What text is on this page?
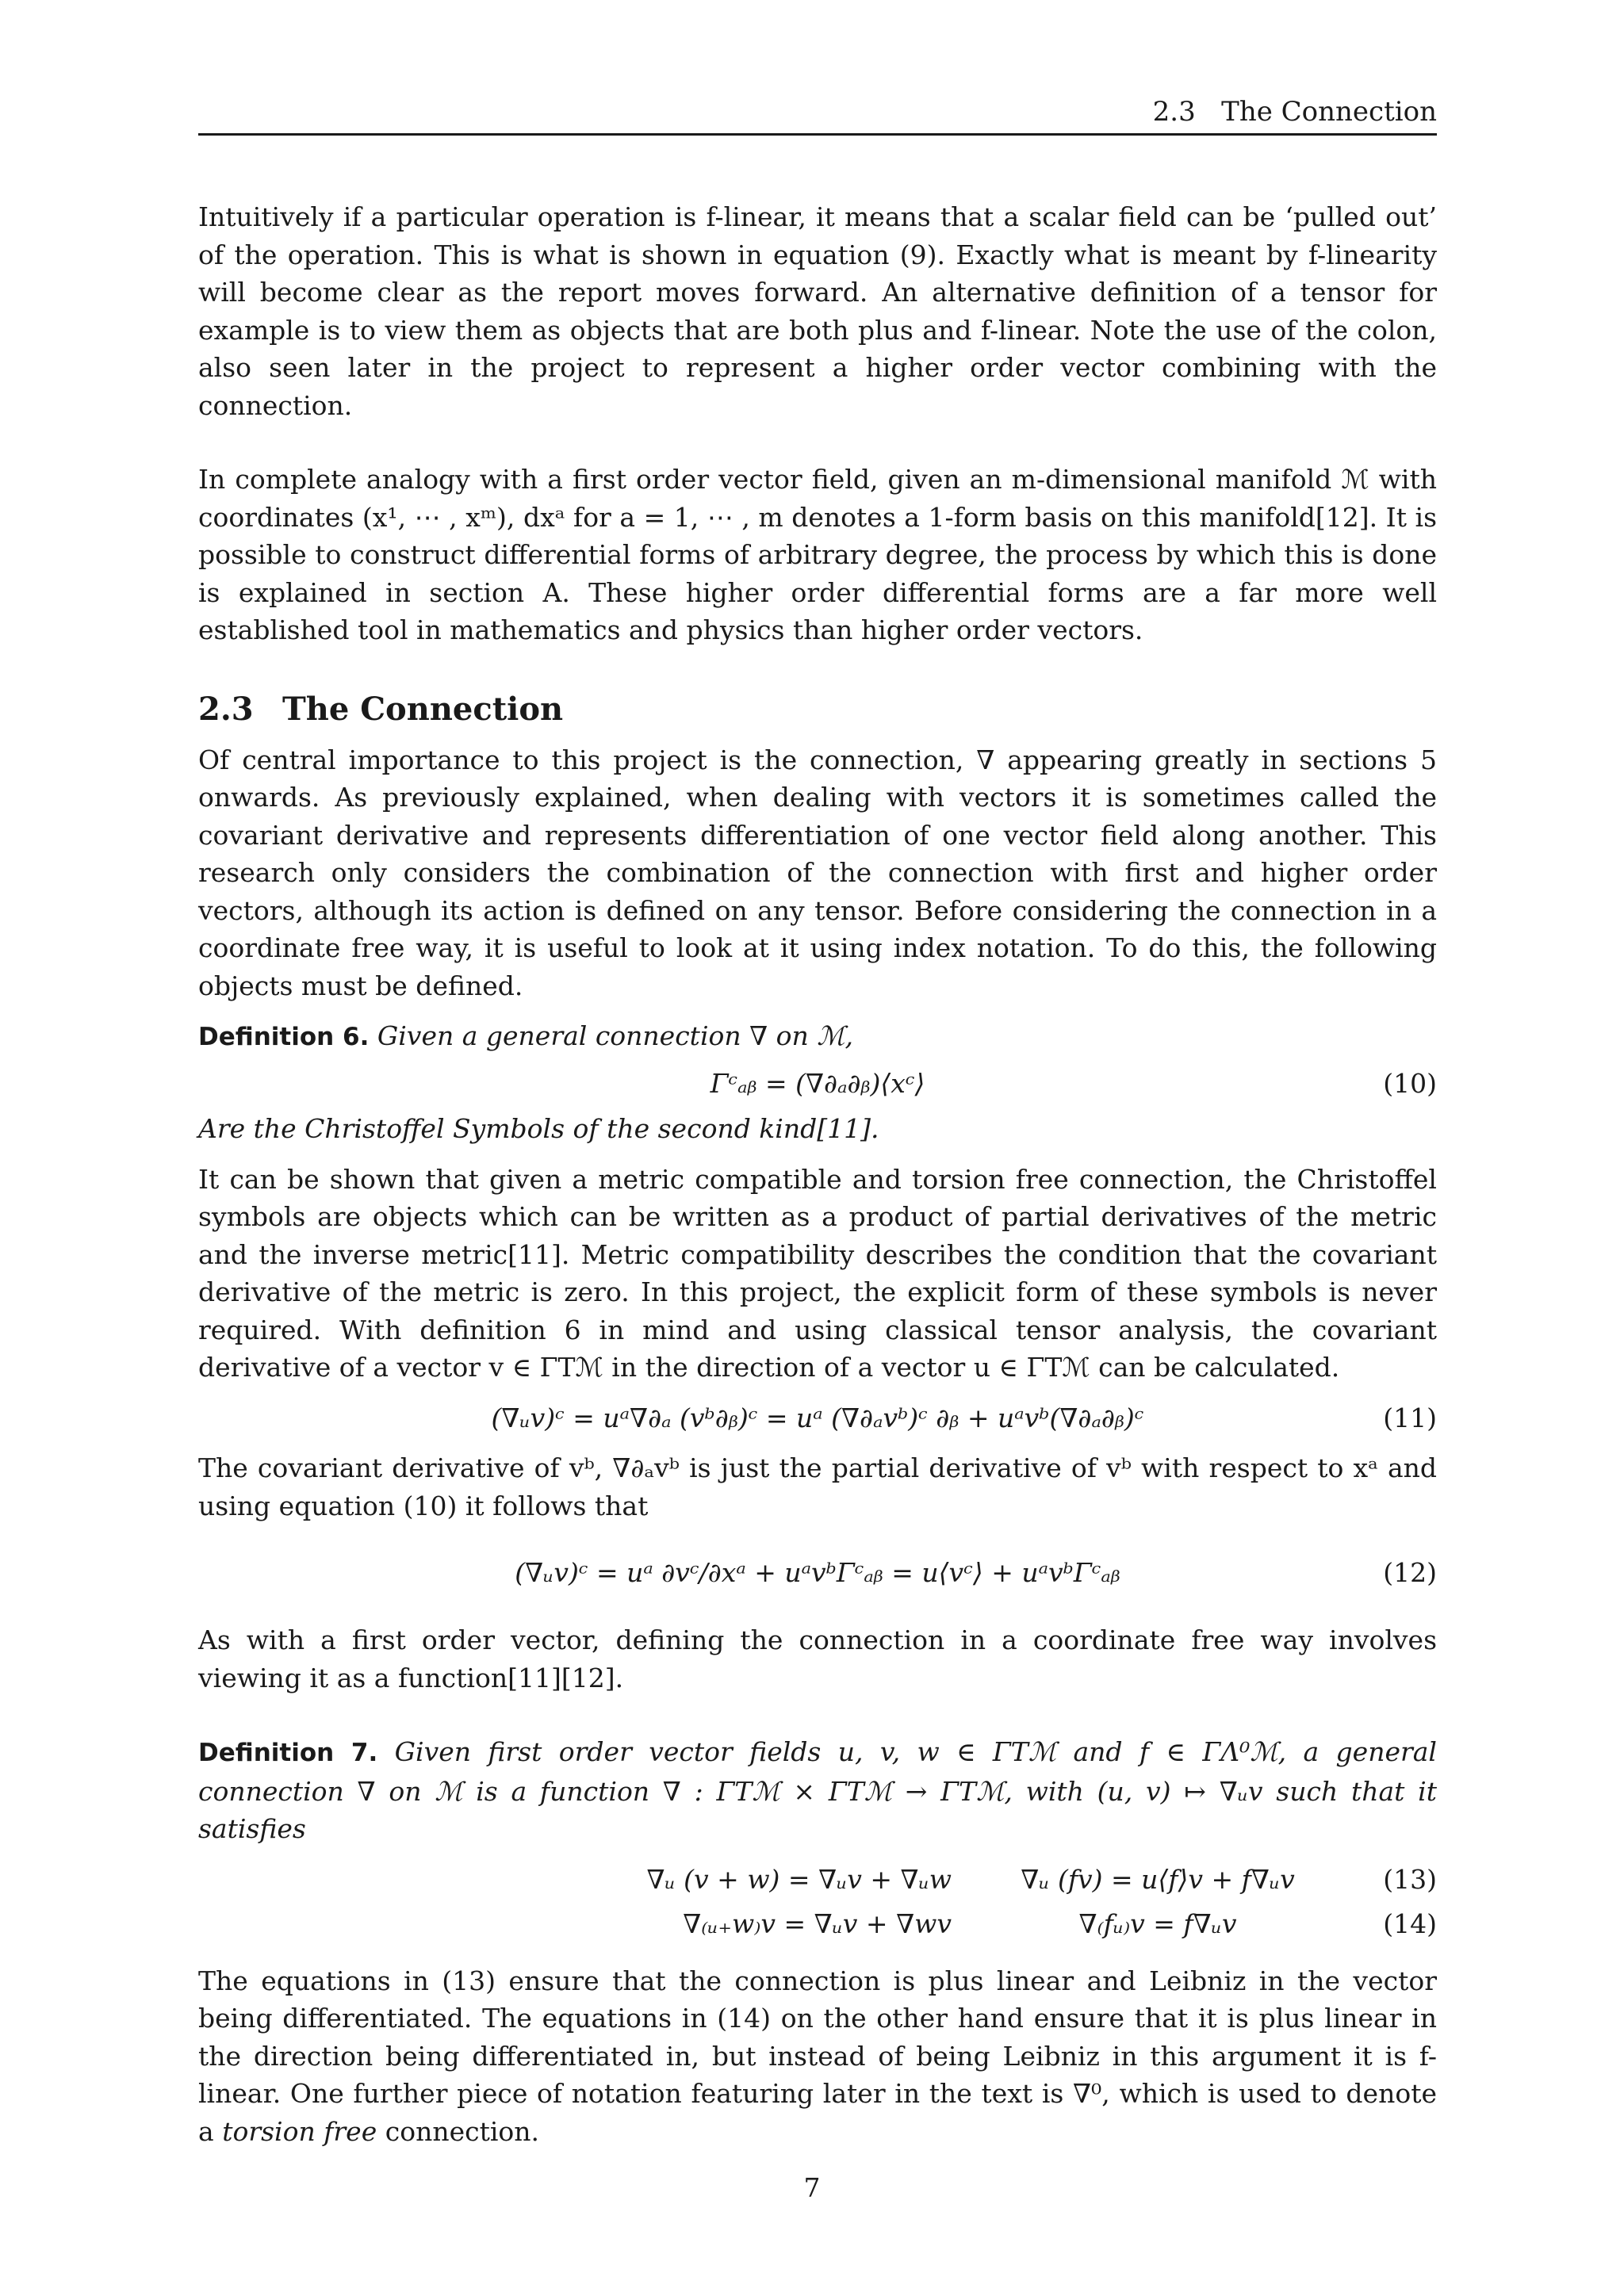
2.3 The Connection

Intuitively if a particular operation is f-linear, it means that a scalar field can be ‘pulled out’ of the operation. This is what is shown in equation (9). Exactly what is meant by f-linearity will become clear as the report moves forward. An alternative definition of a tensor for example is to view them as objects that are both plus and f-linear. Note the use of the colon, also seen later in the project to represent a higher order vector combining with the connection.

In complete analogy with a first order vector field, given an m-dimensional manifold ℳ with coordinates (x¹, ⋯ , xᵐ), dxᵃ for a = 1, ⋯ , m denotes a 1-form basis on this manifold[12]. It is possible to construct differential forms of arbitrary degree, the process by which this is done is explained in section A. These higher order differential forms are a far more well established tool in mathematics and physics than higher order vectors.

2.3 The Connection

Of central importance to this project is the connection, ∇ appearing greatly in sections 5 onwards. As previously explained, when dealing with vectors it is sometimes called the covariant derivative and represents differentiation of one vector field along another. This research only considers the combination of the connection with first and higher order vectors, although its action is defined on any tensor. Before considering the connection in a coordinate free way, it is useful to look at it using index notation. To do this, the following objects must be defined.

Definition 6. Given a general connection ∇ on ℳ,

Γᶜₐᵦ = (∇∂ₐ∂ᵦ)⟨xᶜ⟩	(10)

Are the Christoffel Symbols of the second kind[11].

It can be shown that given a metric compatible and torsion free connection, the Christoffel symbols are objects which can be written as a product of partial derivatives of the metric and the inverse metric[11]. Metric compatibility describes the condition that the covariant derivative of the metric is zero. In this project, the explicit form of these symbols is never required. With definition 6 in mind and using classical tensor analysis, the covariant derivative of a vector v ∈ ΓTℳ in the direction of a vector u ∈ ΓTℳ can be calculated.

(∇ᵤv)ᶜ = uᵃ∇∂ₐ (vᵇ∂ᵦ)ᶜ = uᵃ (∇∂ₐvᵇ)ᶜ ∂ᵦ + uᵃvᵇ(∇∂ₐ∂ᵦ)ᶜ	(11)

The covariant derivative of vᵇ, ∇∂ₐvᵇ is just the partial derivative of vᵇ with respect to xᵃ and using equation (10) it follows that

(∇ᵤv)ᶜ = uᵃ ∂vᶜ/∂xᵃ + uᵃvᵇΓᶜₐᵦ = u⟨vᶜ⟩ + uᵃvᵇΓᶜₐᵦ	(12)

As with a first order vector, defining the connection in a coordinate free way involves viewing it as a function[11][12].

Definition 7. Given first order vector fields u, v, w ∈ ΓTℳ and f ∈ ΓΛ⁰ℳ, a general connection ∇ on ℳ is a function ∇ : ΓTℳ × ΓTℳ → ΓTℳ, with (u, v) ↦ ∇ᵤv such that it satisfies

∇ᵤ (v + w) = ∇ᵤv + ∇ᵤw	∇ᵤ (fv) = u⟨f⟩v + f∇ᵤv	(13)
∇₍ᵤ₊w₎v = ∇ᵤv + ∇wv	∇₍fᵤ₎v = f∇ᵤv	(14)

The equations in (13) ensure that the connection is plus linear and Leibniz in the vector being differentiated. The equations in (14) on the other hand ensure that it is plus linear in the direction being differentiated in, but instead of being Leibniz in this argument it is f-linear. One further piece of notation featuring later in the text is ∇⁰, which is used to denote a torsion free connection.

7
